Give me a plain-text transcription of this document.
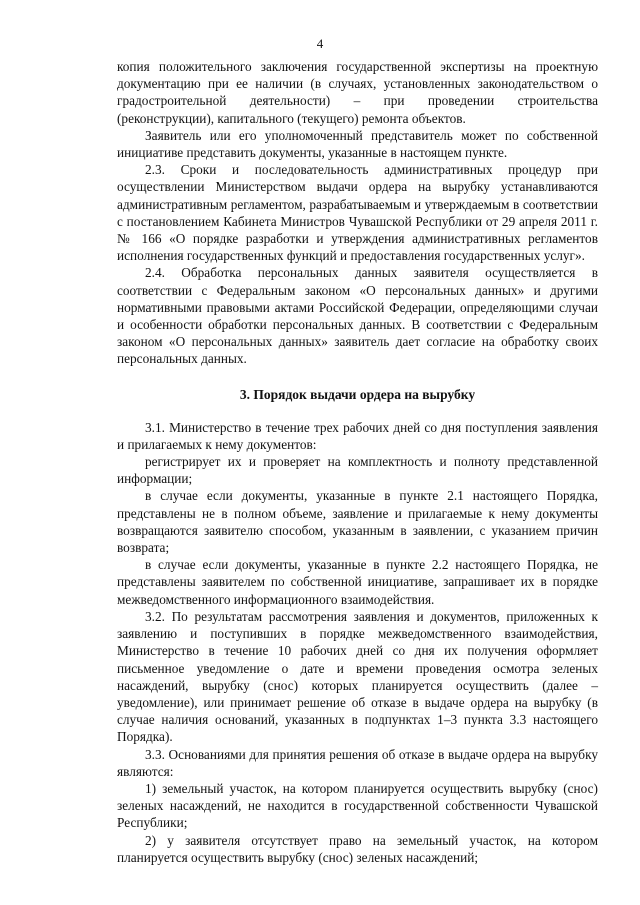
4

копия положительного заключения государственной экспертизы на проектную документацию при ее наличии (в случаях, установленных законодательством о градостроительной деятельности) – при проведении строительства (реконструкции), капитального (текущего) ремонта объектов.

Заявитель или его уполномоченный представитель может по собственной инициативе представить документы, указанные в настоящем пункте.

2.3. Сроки и последовательность административных процедур при осуществлении Министерством выдачи ордера на вырубку устанавливаются административным регламентом, разрабатываемым и утверждаемым в соответствии с постановлением Кабинета Министров Чувашской Республики от 29 апреля 2011 г. № 166 «О порядке разработки и утверждения административных регламентов исполнения государственных функций и предоставления государственных услуг».

2.4. Обработка персональных данных заявителя осуществляется в соответствии с Федеральным законом «О персональных данных» и другими нормативными правовыми актами Российской Федерации, определяющими случаи и особенности обработки персональных данных. В соответствии с Федеральным законом «О персональных данных» заявитель дает согласие на обработку своих персональных данных.

3. Порядок выдачи ордера на вырубку

3.1. Министерство в течение трех рабочих дней со дня поступления заявления и прилагаемых к нему документов:

регистрирует их и проверяет на комплектность и полноту представленной информации;

в случае если документы, указанные в пункте 2.1 настоящего Порядка, представлены не в полном объеме, заявление и прилагаемые к нему документы возвращаются заявителю способом, указанным в заявлении, с указанием причин возврата;

в случае если документы, указанные в пункте 2.2 настоящего Порядка, не представлены заявителем по собственной инициативе, запрашивает их в порядке межведомственного информационного взаимодействия.

3.2. По результатам рассмотрения заявления и документов, приложенных к заявлению и поступивших в порядке межведомственного взаимодействия, Министерство в течение 10 рабочих дней со дня их получения оформляет письменное уведомление о дате и времени проведения осмотра зеленых насаждений, вырубку (снос) которых планируется осуществить (далее – уведомление), или принимает решение об отказе в выдаче ордера на вырубку (в случае наличия оснований, указанных в подпунктах 1–3 пункта 3.3 настоящего Порядка).

3.3. Основаниями для принятия решения об отказе в выдаче ордера на вырубку являются:

1) земельный участок, на котором планируется осуществить вырубку (снос) зеленых насаждений, не находится в государственной собственности Чувашской Республики;

2) у заявителя отсутствует право на земельный участок, на котором планируется осуществить вырубку (снос) зеленых насаждений;
